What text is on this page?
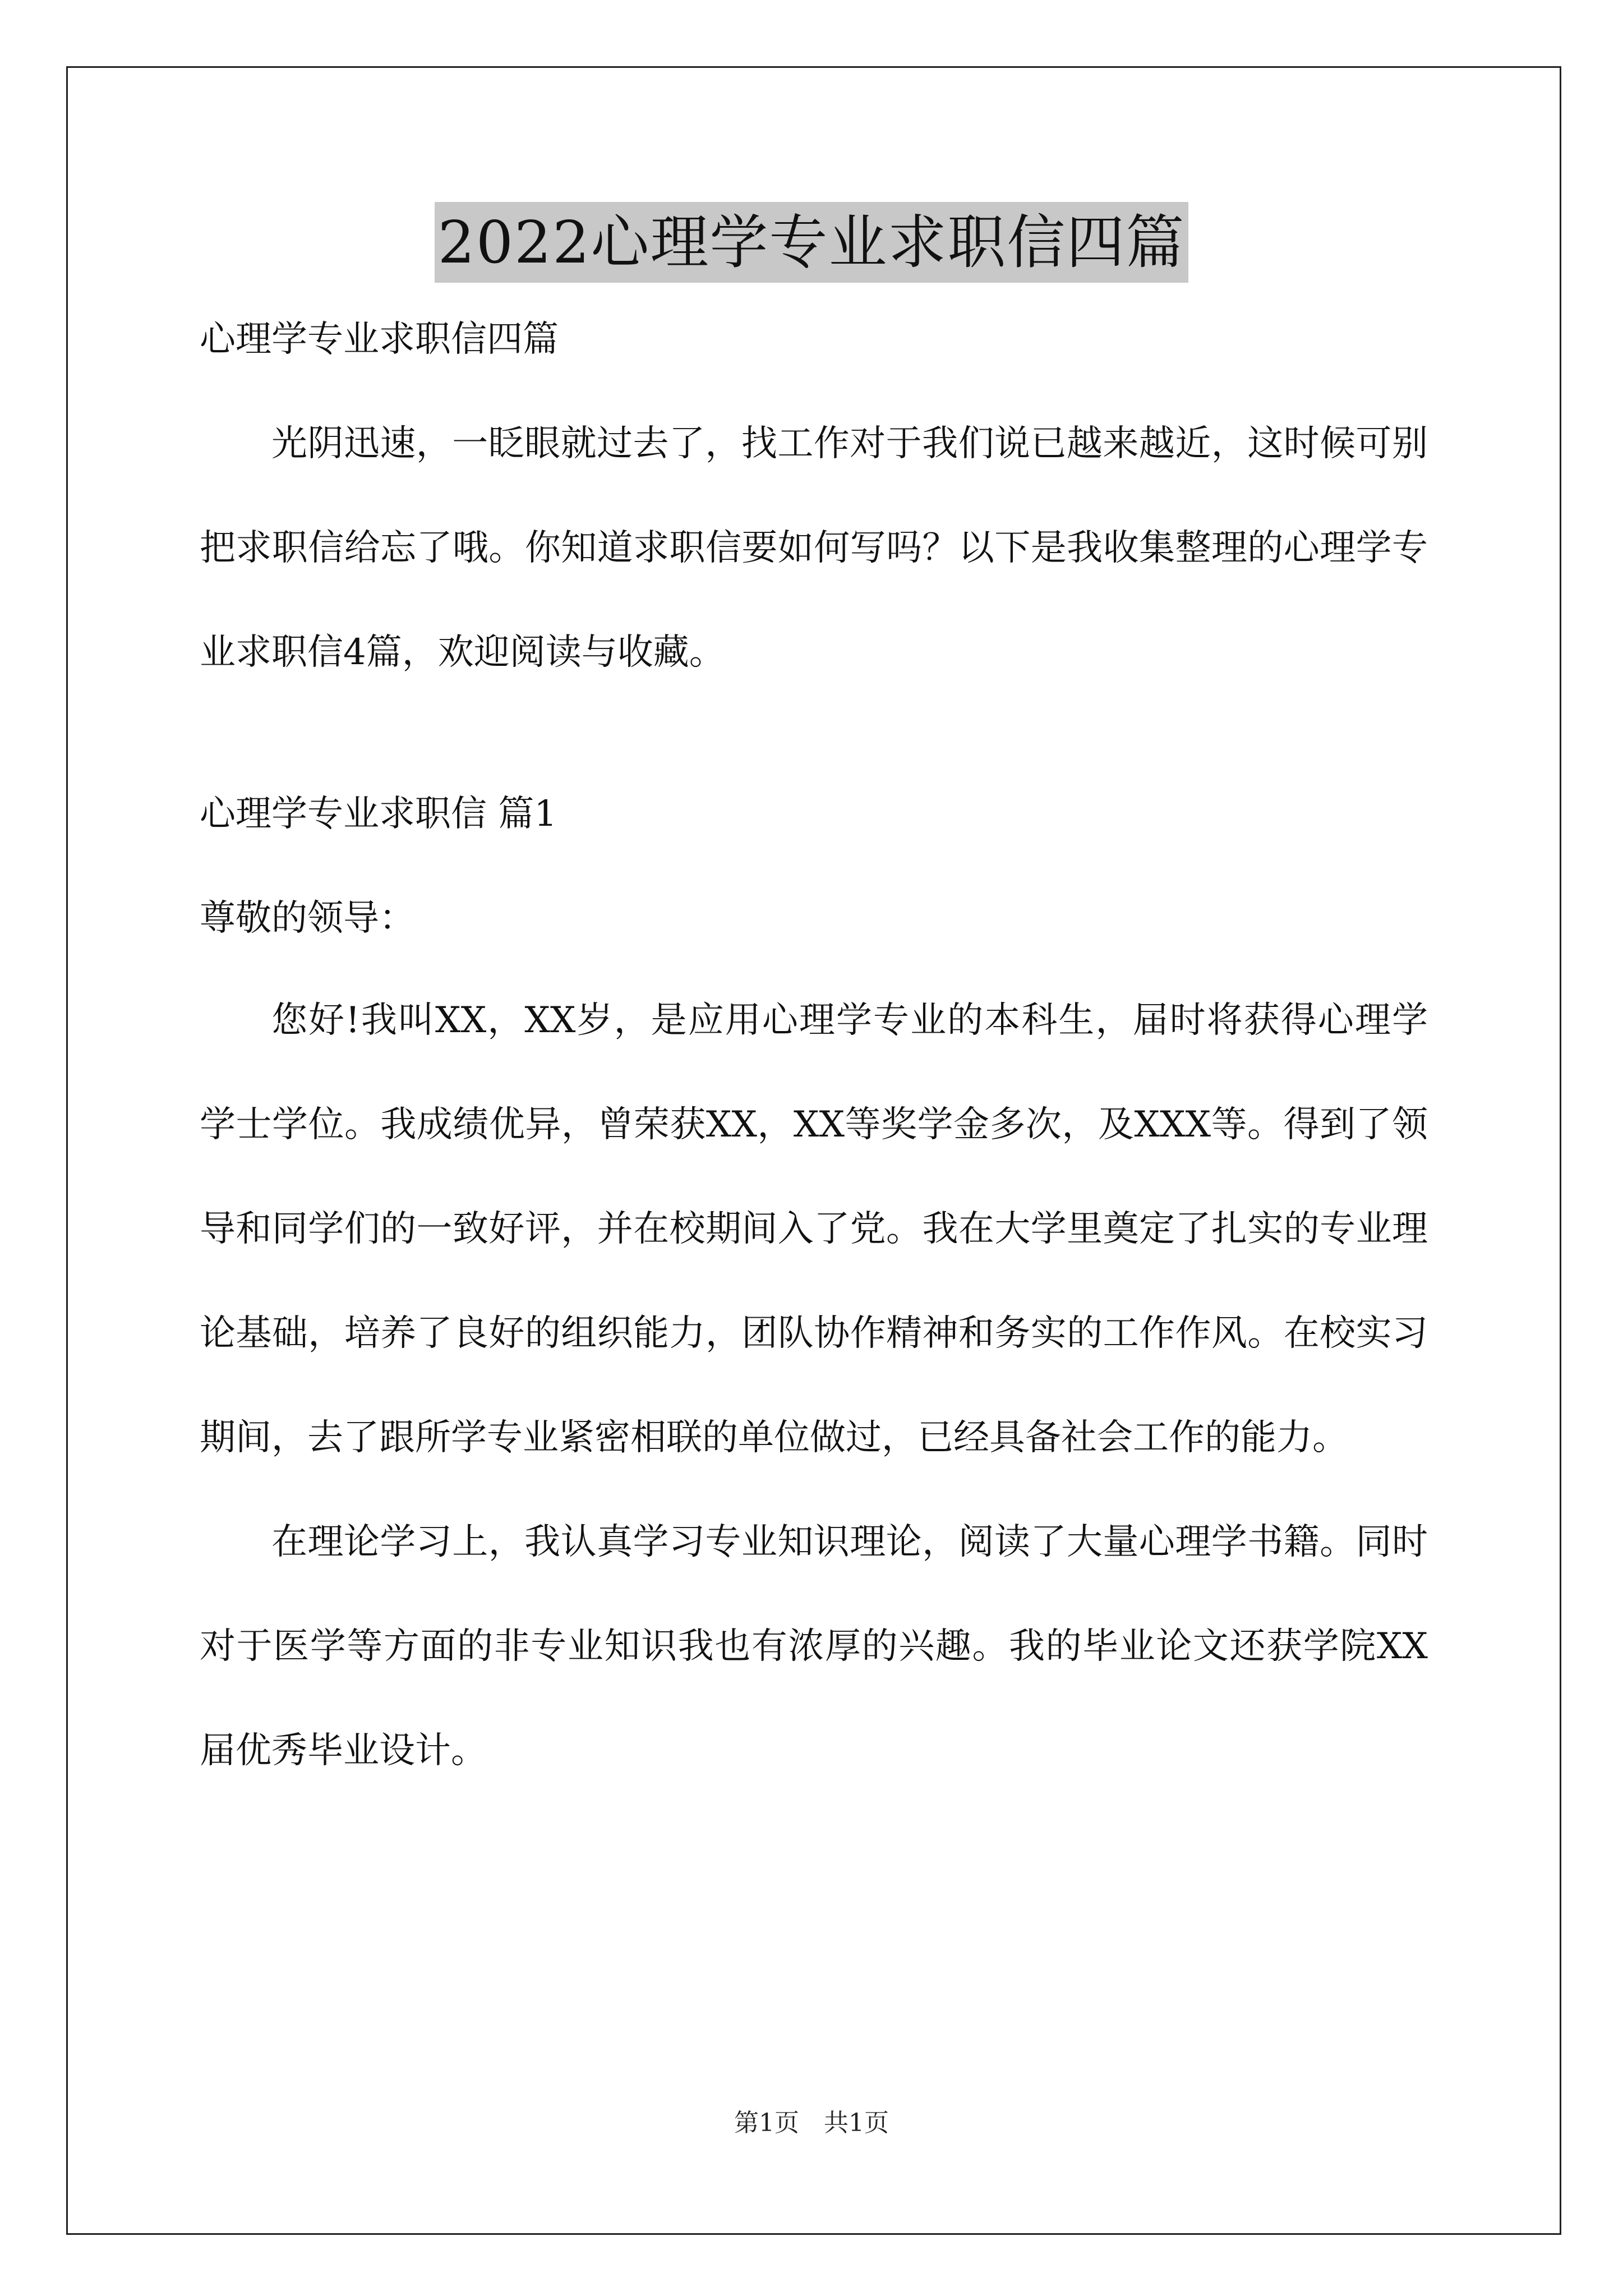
2022心理学专业求职信四篇
心理学专业求职信四篇

光阴迅速，一眨眼就过去了，找工作对于我们说已越来越近，这时候可别把求职信给忘了哦。你知道求职信要如何写吗？以下是我收集整理的心理学专业求职信4篇，欢迎阅读与收藏。

心理学专业求职信 篇1
尊敬的领导：

您好!我叫XX，XX岁，是应用心理学专业的本科生，届时将获得心理学学士学位。我成绩优异，曾荣获XX，XX等奖学金多次，及XXX等。得到了领导和同学们的一致好评，并在校期间入了党。我在大学里奠定了扎实的专业理论基础，培养了良好的组织能力，团队协作精神和务实的工作作风。在校实习期间，去了跟所学专业紧密相联的单位做过，已经具备社会工作的能力。

在理论学习上，我认真学习专业知识理论，阅读了大量心理学书籍。同时对于医学等方面的非专业知识我也有浓厚的兴趣。我的毕业论文还获学院XX届优秀毕业设计。

第1页　共1页
